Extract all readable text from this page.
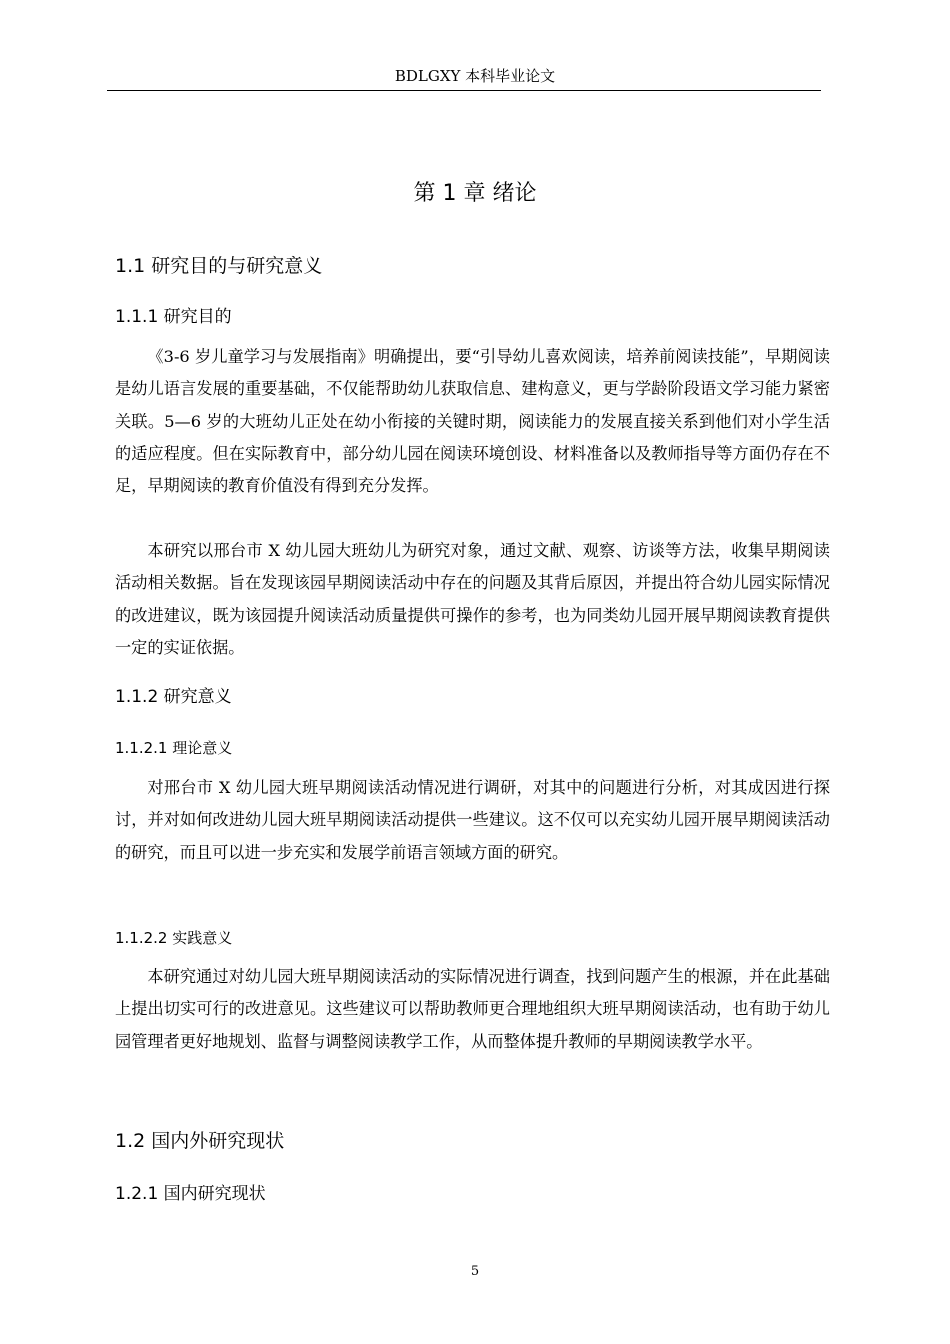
BDLGXY 本科毕业论文
第 1 章 绪论
1.1 研究目的与研究意义
1.1.1 研究目的

《3-6 岁儿童学习与发展指南》明确提出，要“引导幼儿喜欢阅读，培养前阅读技能”，早期阅读是幼儿语言发展的重要基础，不仅能帮助幼儿获取信息、建构意义，更与学龄阶段语文学习能力紧密关联。5—6 岁的大班幼儿正处在幼小衔接的关键时期，阅读能力的发展直接关系到他们对小学生活的适应程度。但在实际教育中，部分幼儿园在阅读环境创设、材料准备以及教师指导等方面仍存在不足，早期阅读的教育价值没有得到充分发挥。

本研究以邢台市 X 幼儿园大班幼儿为研究对象，通过文献、观察、访谈等方法，收集早期阅读活动相关数据。旨在发现该园早期阅读活动中存在的问题及其背后原因，并提出符合幼儿园实际情况的改进建议，既为该园提升阅读活动质量提供可操作的参考，也为同类幼儿园开展早期阅读教育提供一定的实证依据。

1.1.2 研究意义
1.1.2.1 理论意义

对邢台市 X 幼儿园大班早期阅读活动情况进行调研，对其中的问题进行分析，对其成因进行探讨，并对如何改进幼儿园大班早期阅读活动提供一些建议。这不仅可以充实幼儿园开展早期阅读活动的研究，而且可以进一步充实和发展学前语言领域方面的研究。

1.1.2.2 实践意义

本研究通过对幼儿园大班早期阅读活动的实际情况进行调查，找到问题产生的根源，并在此基础上提出切实可行的改进意见。这些建议可以帮助教师更合理地组织大班早期阅读活动，也有助于幼儿园管理者更好地规划、监督与调整阅读教学工作，从而整体提升教师的早期阅读教学水平。

1.2 国内外研究现状
1.2.1 国内研究现状
5
